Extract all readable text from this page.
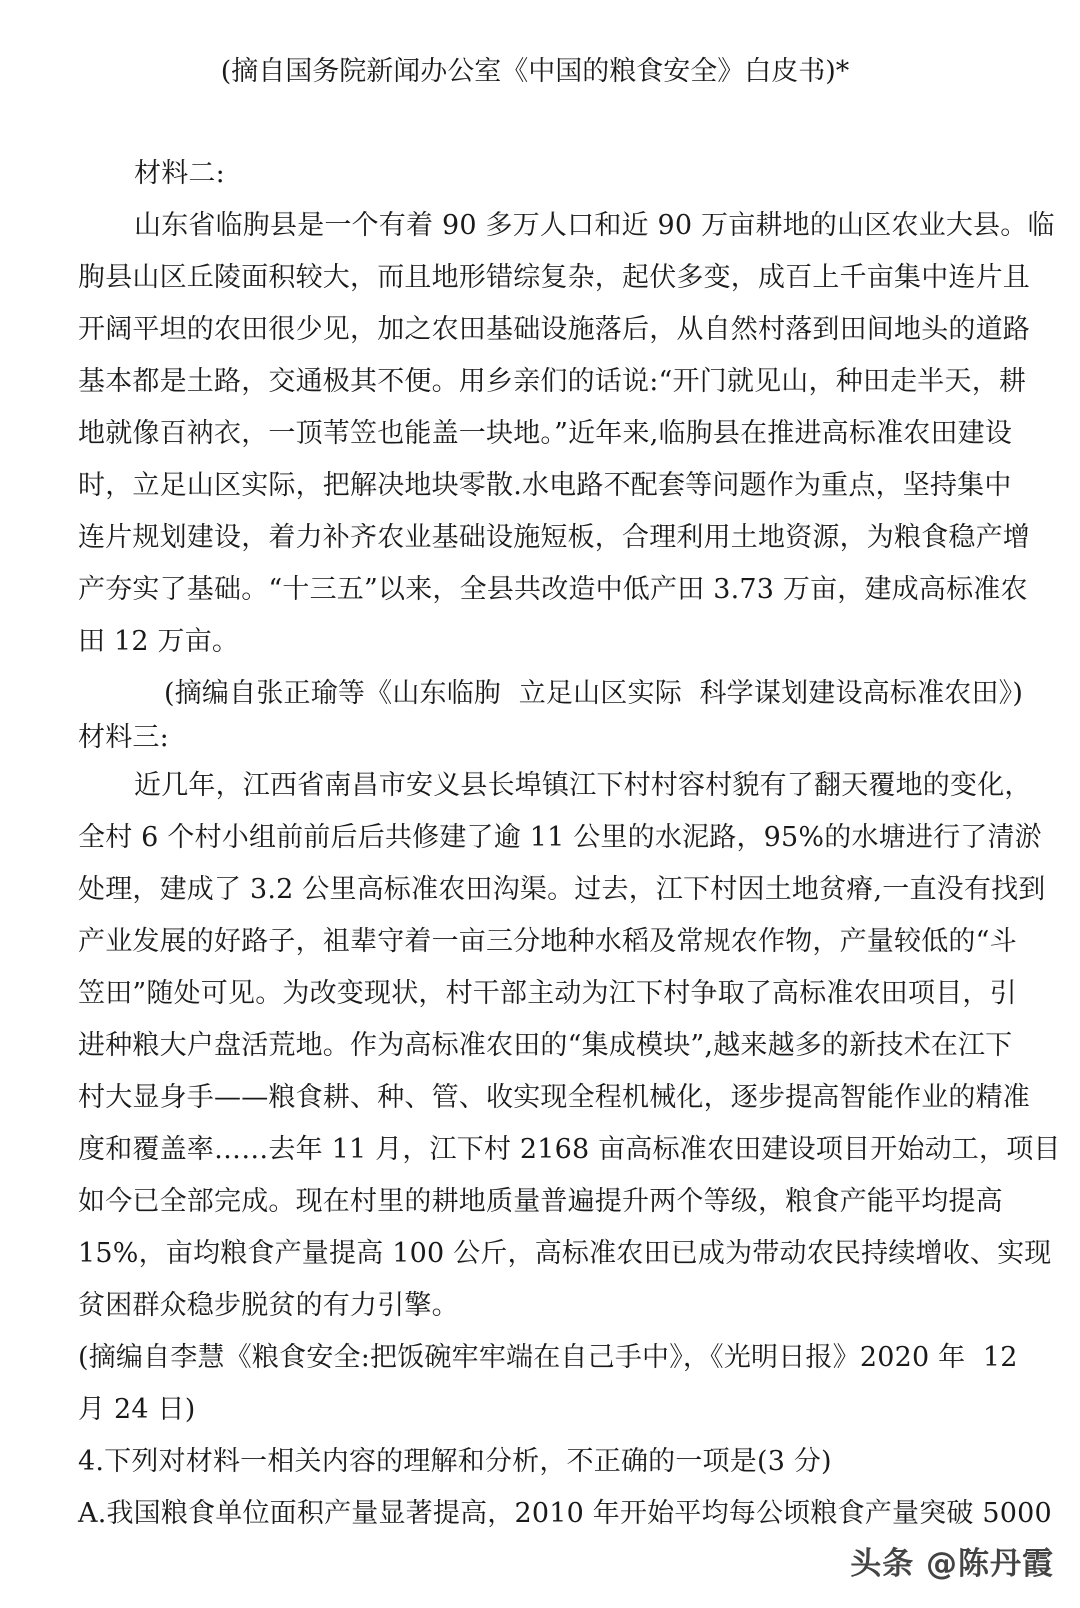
(摘自国务院新闻办公室《中国的粮食安全》白皮书)*
材料二:
山东省临朐县是一个有着 90 多万人口和近 90 万亩耕地的山区农业大县。临
朐县山区丘陵面积较大，而且地形错综复杂，起伏多变，成百上千亩集中连片且
开阔平坦的农田很少见，加之农田基础设施落后，从自然村落到田间地头的道路
基本都是土路，交通极其不便。用乡亲们的话说:“开门就见山，种田走半天，耕
地就像百衲衣，一顶苇笠也能盖一块地。”近年来,临朐县在推进高标准农田建设
时，立足山区实际，把解决地块零散.水电路不配套等问题作为重点，坚持集中
连片规划建设，着力补齐农业基础设施短板，合理利用土地资源，为粮食稳产增
产夯实了基础。“十三五”以来，全县共改造中低产田 3.73 万亩，建成高标准农
田 12 万亩。
(摘编自张正瑜等《山东临朐  立足山区实际  科学谋划建设高标准农田》)
材料三:
近几年，江西省南昌市安义县长埠镇江下村村容村貌有了翻天覆地的变化，
全村 6 个村小组前前后后共修建了逾 11 公里的水泥路，95%的水塘进行了清淤
处理，建成了 3.2 公里高标准农田沟渠。过去，江下村因土地贫瘠,一直没有找到
产业发展的好路子，祖辈守着一亩三分地种水稻及常规农作物，产量较低的“斗
笠田”随处可见。为改变现状，村干部主动为江下村争取了高标准农田项目，引
进种粮大户盘活荒地。作为高标准农田的“集成模块”,越来越多的新技术在江下
村大显身手——粮食耕、种、管、收实现全程机械化，逐步提高智能作业的精准
度和覆盖率……去年 11 月，江下村 2168 亩高标准农田建设项目开始动工，项目
如今已全部完成。现在村里的耕地质量普遍提升两个等级，粮食产能平均提高
15%，亩均粮食产量提高 100 公斤，高标准农田已成为带动农民持续增收、实现
贫困群众稳步脱贫的有力引擎。
(摘编自李慧《粮食安全:把饭碗牢牢端在自己手中》，《光明日报》2020 年  12
月 24 日)
4.下列对材料一相关内容的理解和分析，不正确的一项是(3 分)
A.我国粮食单位面积产量显著提高，2010 年开始平均每公顷粮食产量突破 5000
头条 @陈丹霞
